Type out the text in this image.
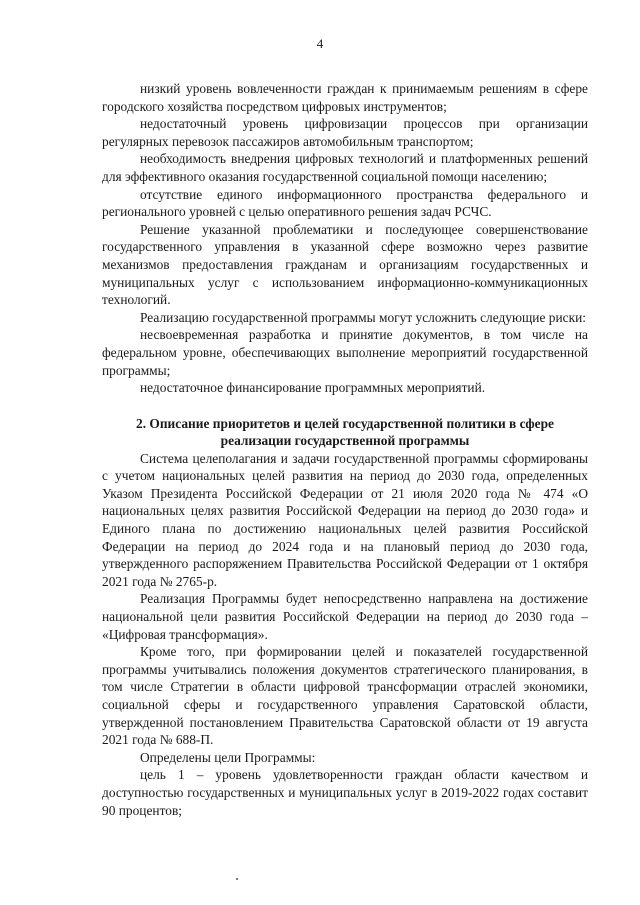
4

низкий уровень вовлеченности граждан к принимаемым решениям в сфере городского хозяйства посредством цифровых инструментов;

недостаточный уровень цифровизации процессов при организации регулярных перевозок пассажиров автомобильным транспортом;

необходимость внедрения цифровых технологий и платформенных решений для эффективного оказания государственной социальной помощи населению;

отсутствие единого информационного пространства федерального и регионального уровней с целью оперативного решения задач РСЧС.

Решение указанной проблематики и последующее совершенствование государственного управления в указанной сфере возможно через развитие механизмов предоставления гражданам и организациям государственных и муниципальных услуг с использованием информационно-коммуникационных технологий.

Реализацию государственной программы могут усложнить следующие риски:

несвоевременная разработка и принятие документов, в том числе на федеральном уровне, обеспечивающих выполнение мероприятий государственной программы;

недостаточное финансирование программных мероприятий.

2. Описание приоритетов и целей государственной политики в сфере реализации государственной программы

Система целеполагания и задачи государственной программы сформированы с учетом национальных целей развития на период до 2030 года, определенных Указом Президента Российской Федерации от 21 июля 2020 года № 474 «О национальных целях развития Российской Федерации на период до 2030 года» и Единого плана по достижению национальных целей развития Российской Федерации на период до 2024 года и на плановый период до 2030 года, утвержденного распоряжением Правительства Российской Федерации от 1 октября 2021 года № 2765-р.

Реализация Программы будет непосредственно направлена на достижение национальной цели развития Российской Федерации на период до 2030 года – «Цифровая трансформация».

Кроме того, при формировании целей и показателей государственной программы учитывались положения документов стратегического планирования, в том числе Стратегии в области цифровой трансформации отраслей экономики, социальной сферы и государственного управления Саратовской области, утвержденной постановлением Правительства Саратовской области от 19 августа 2021 года № 688-П.

Определены цели Программы:

цель 1 – уровень удовлетворенности граждан области качеством и доступностью государственных и муниципальных услуг в 2019-2022 годах составит 90 процентов;
